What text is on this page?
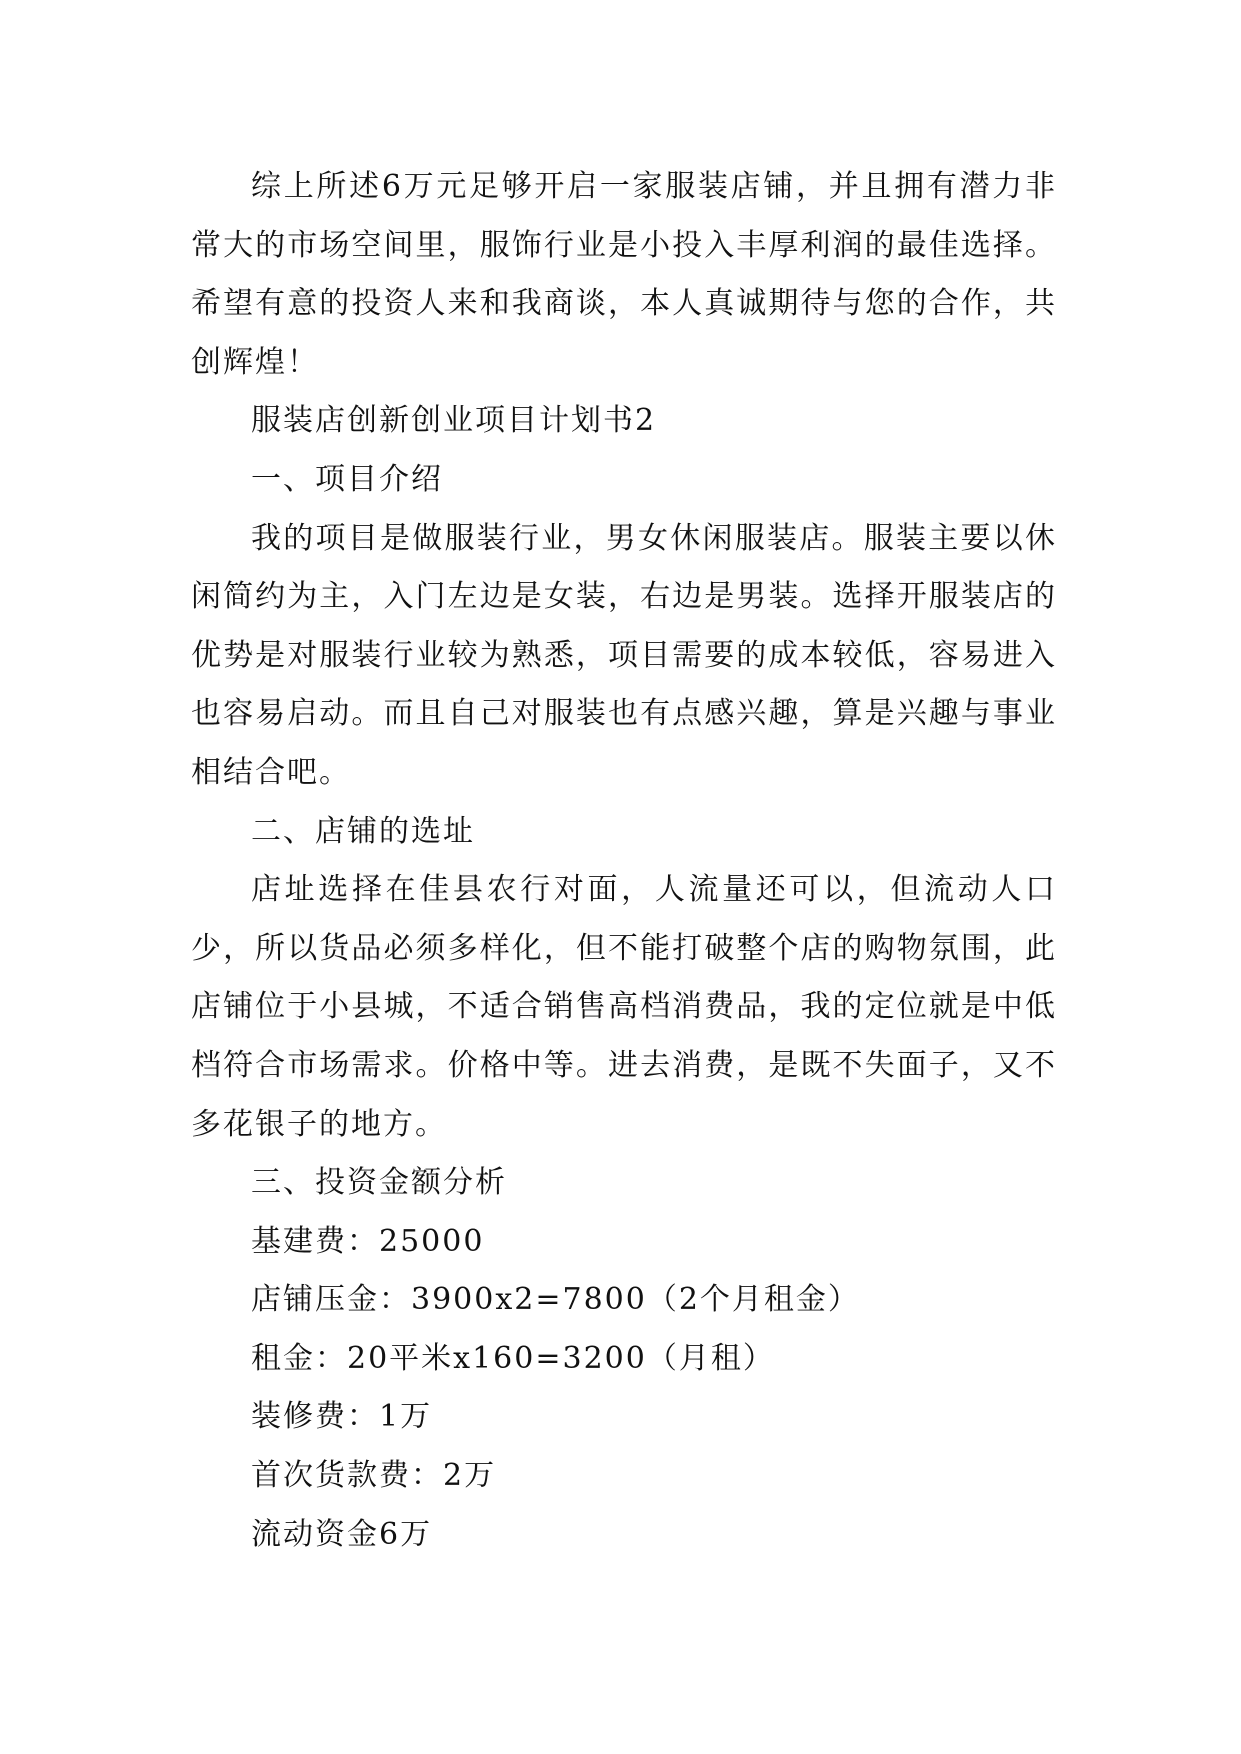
综上所述6万元足够开启一家服装店铺，并且拥有潜力非常大的市场空间里，服饰行业是小投入丰厚利润的最佳选择。希望有意的投资人来和我商谈，本人真诚期待与您的合作，共创辉煌！

服装店创新创业项目计划书2

一、项目介绍

我的项目是做服装行业，男女休闲服装店。服装主要以休闲简约为主，入门左边是女装，右边是男装。选择开服装店的优势是对服装行业较为熟悉，项目需要的成本较低，容易进入也容易启动。而且自己对服装也有点感兴趣，算是兴趣与事业相结合吧。

二、店铺的选址

店址选择在佳县农行对面，人流量还可以，但流动人口少，所以货品必须多样化，但不能打破整个店的购物氛围，此店铺位于小县城，不适合销售高档消费品，我的定位就是中低档符合市场需求。价格中等。进去消费，是既不失面子，又不多花银子的地方。

三、投资金额分析

基建费：25000

店铺压金：3900x2=7800（2个月租金）

租金：20平米x160=3200（月租）

装修费：1万

首次货款费：2万

流动资金6万
